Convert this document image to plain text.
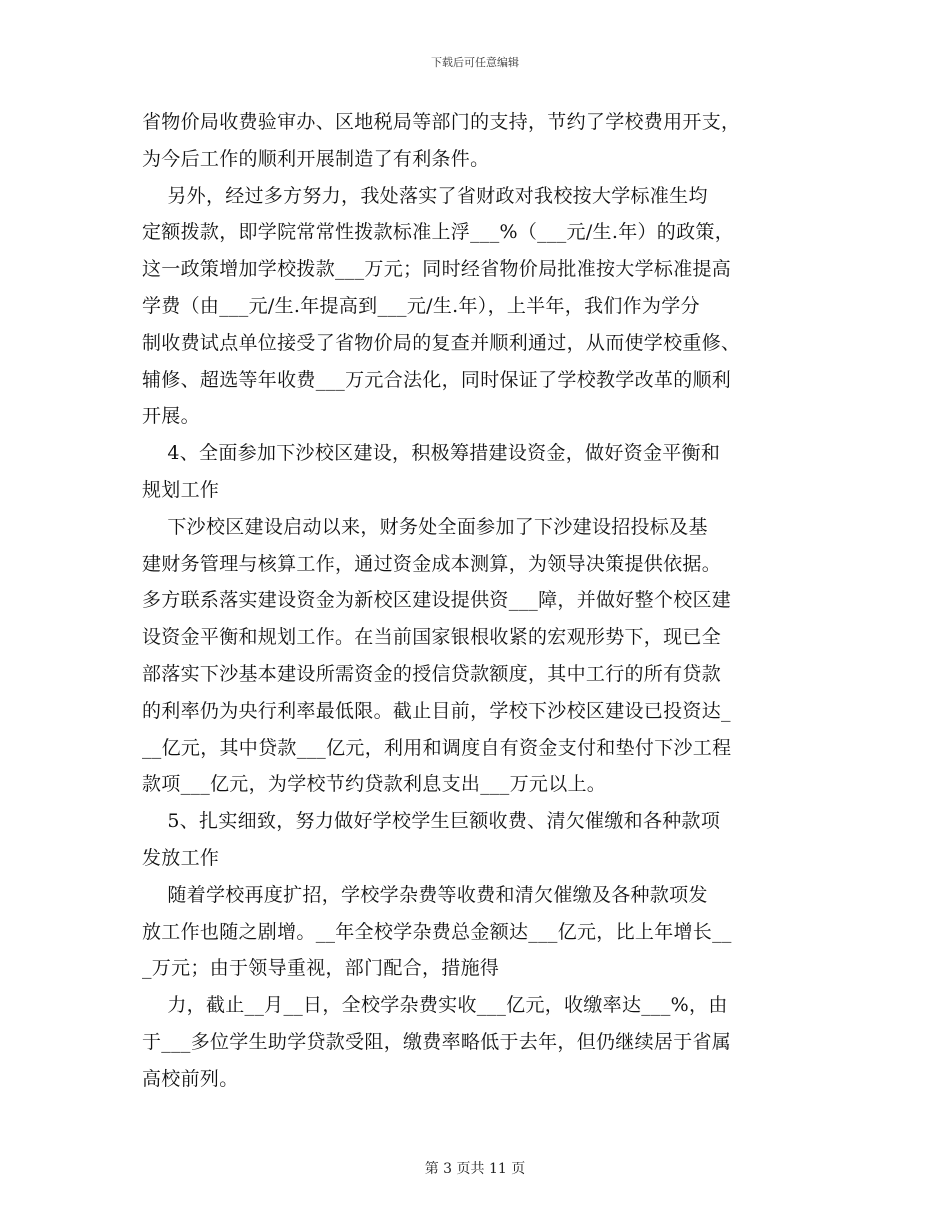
下载后可任意编辑
省物价局收费验审办、区地税局等部门的支持，节约了学校费用开支，
为今后工作的顺利开展制造了有利条件。
另外，经过多方努力，我处落实了省财政对我校按大学标准生均
定额拨款，即学院常常性拨款标准上浮___%（___元/生.年）的政策，
这一政策增加学校拨款___万元；同时经省物价局批准按大学标准提高
学费（由___元/生.年提高到___元/生.年），上半年，我们作为学分
制收费试点单位接受了省物价局的复查并顺利通过，从而使学校重修、
辅修、超选等年收费___万元合法化，同时保证了学校教学改革的顺利
开展。
4、全面参加下沙校区建设，积极筹措建设资金，做好资金平衡和
规划工作
下沙校区建设启动以来，财务处全面参加了下沙建设招投标及基
建财务管理与核算工作，通过资金成本测算，为领导决策提供依据。
多方联系落实建设资金为新校区建设提供资___障，并做好整个校区建
设资金平衡和规划工作。在当前国家银根收紧的宏观形势下，现已全
部落实下沙基本建设所需资金的授信贷款额度，其中工行的所有贷款
的利率仍为央行利率最低限。截止目前，学校下沙校区建设已投资达_
__亿元，其中贷款___亿元，利用和调度自有资金支付和垫付下沙工程
款项___亿元，为学校节约贷款利息支出___万元以上。
5、扎实细致，努力做好学校学生巨额收费、清欠催缴和各种款项
发放工作
随着学校再度扩招，学校学杂费等收费和清欠催缴及各种款项发
放工作也随之剧增。__年全校学杂费总金额达___亿元，比上年增长__
_万元；由于领导重视，部门配合，措施得
力，截止__月__日，全校学杂费实收___亿元，收缴率达___%，由
于___多位学生助学贷款受阻，缴费率略低于去年，但仍继续居于省属
高校前列。
第 3 页共 11 页
